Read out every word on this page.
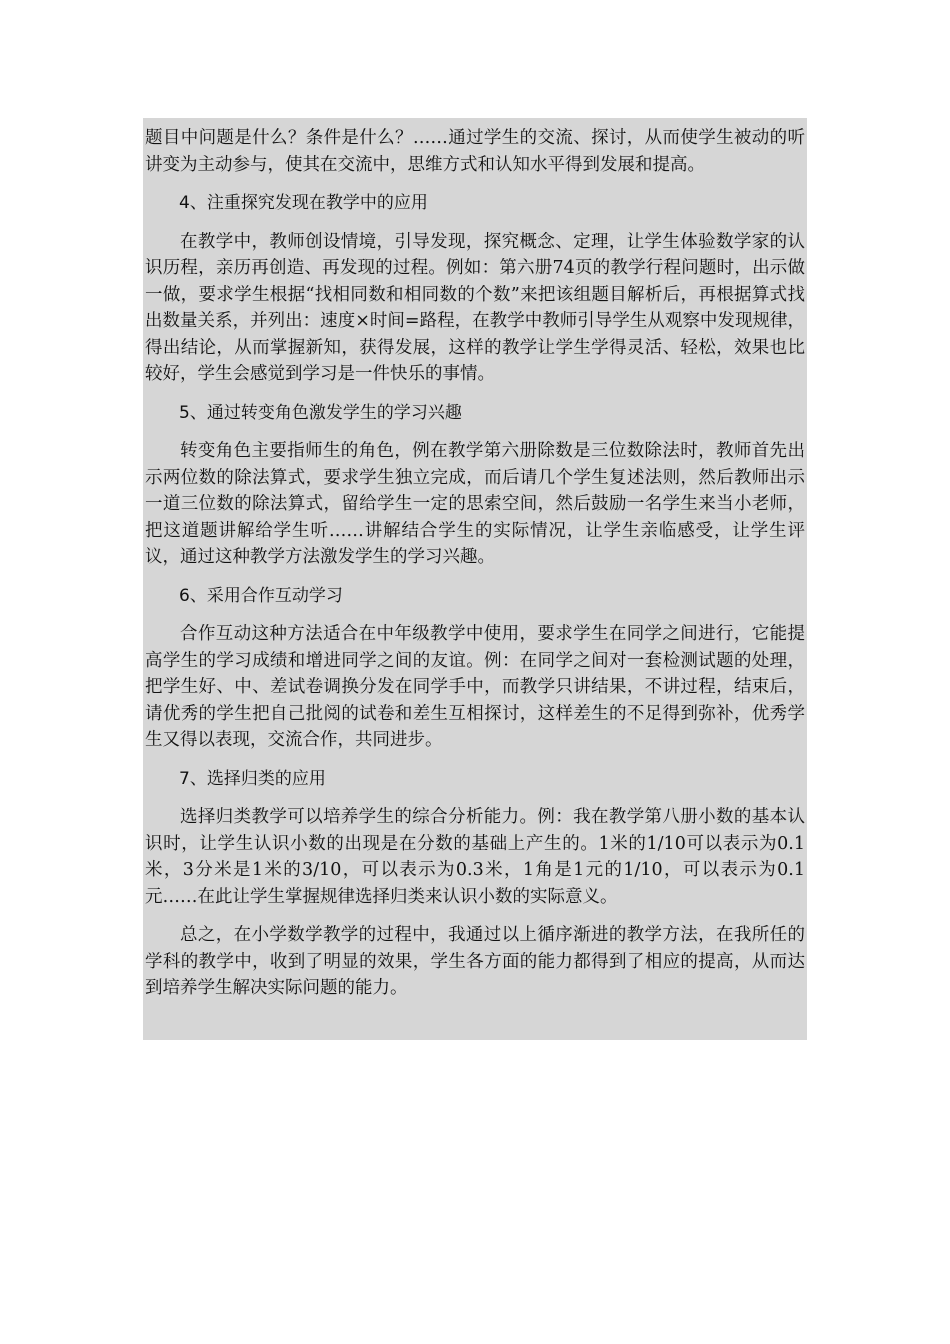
题目中问题是什么？条件是什么？……通过学生的交流、探讨，从而使学生被动的听讲变为主动参与，使其在交流中，思维方式和认知水平得到发展和提高。

4、注重探究发现在教学中的应用

在教学中，教师创设情境，引导发现，探究概念、定理，让学生体验数学家的认识历程，亲历再创造、再发现的过程。例如：第六册74页的教学行程问题时，出示做一做，要求学生根据“找相同数和相同数的个数”来把该组题目解析后，再根据算式找出数量关系，并列出：速度×时间=路程，在教学中教师引导学生从观察中发现规律，得出结论，从而掌握新知，获得发展，这样的教学让学生学得灵活、轻松，效果也比较好，学生会感觉到学习是一件快乐的事情。

5、通过转变角色激发学生的学习兴趣

转变角色主要指师生的角色，例在教学第六册除数是三位数除法时，教师首先出示两位数的除法算式，要求学生独立完成，而后请几个学生复述法则，然后教师出示一道三位数的除法算式，留给学生一定的思索空间，然后鼓励一名学生来当小老师，把这道题讲解给学生听……讲解结合学生的实际情况，让学生亲临感受，让学生评议，通过这种教学方法激发学生的学习兴趣。

6、采用合作互动学习

合作互动这种方法适合在中年级教学中使用，要求学生在同学之间进行，它能提高学生的学习成绩和增进同学之间的友谊。例：在同学之间对一套检测试题的处理，把学生好、中、差试卷调换分发在同学手中，而教学只讲结果，不讲过程，结束后，请优秀的学生把自己批阅的试卷和差生互相探讨，这样差生的不足得到弥补，优秀学生又得以表现，交流合作，共同进步。

7、选择归类的应用

选择归类教学可以培养学生的综合分析能力。例：我在教学第八册小数的基本认识时，让学生认识小数的出现是在分数的基础上产生的。1米的1/10可以表示为0.1米，3分米是1米的3/10，可以表示为0.3米，1角是1元的1/10，可以表示为0.1元……在此让学生掌握规律选择归类来认识小数的实际意义。

总之，在小学数学教学的过程中，我通过以上循序渐进的教学方法，在我所任的学科的教学中，收到了明显的效果，学生各方面的能力都得到了相应的提高，从而达到培养学生解决实际问题的能力。
